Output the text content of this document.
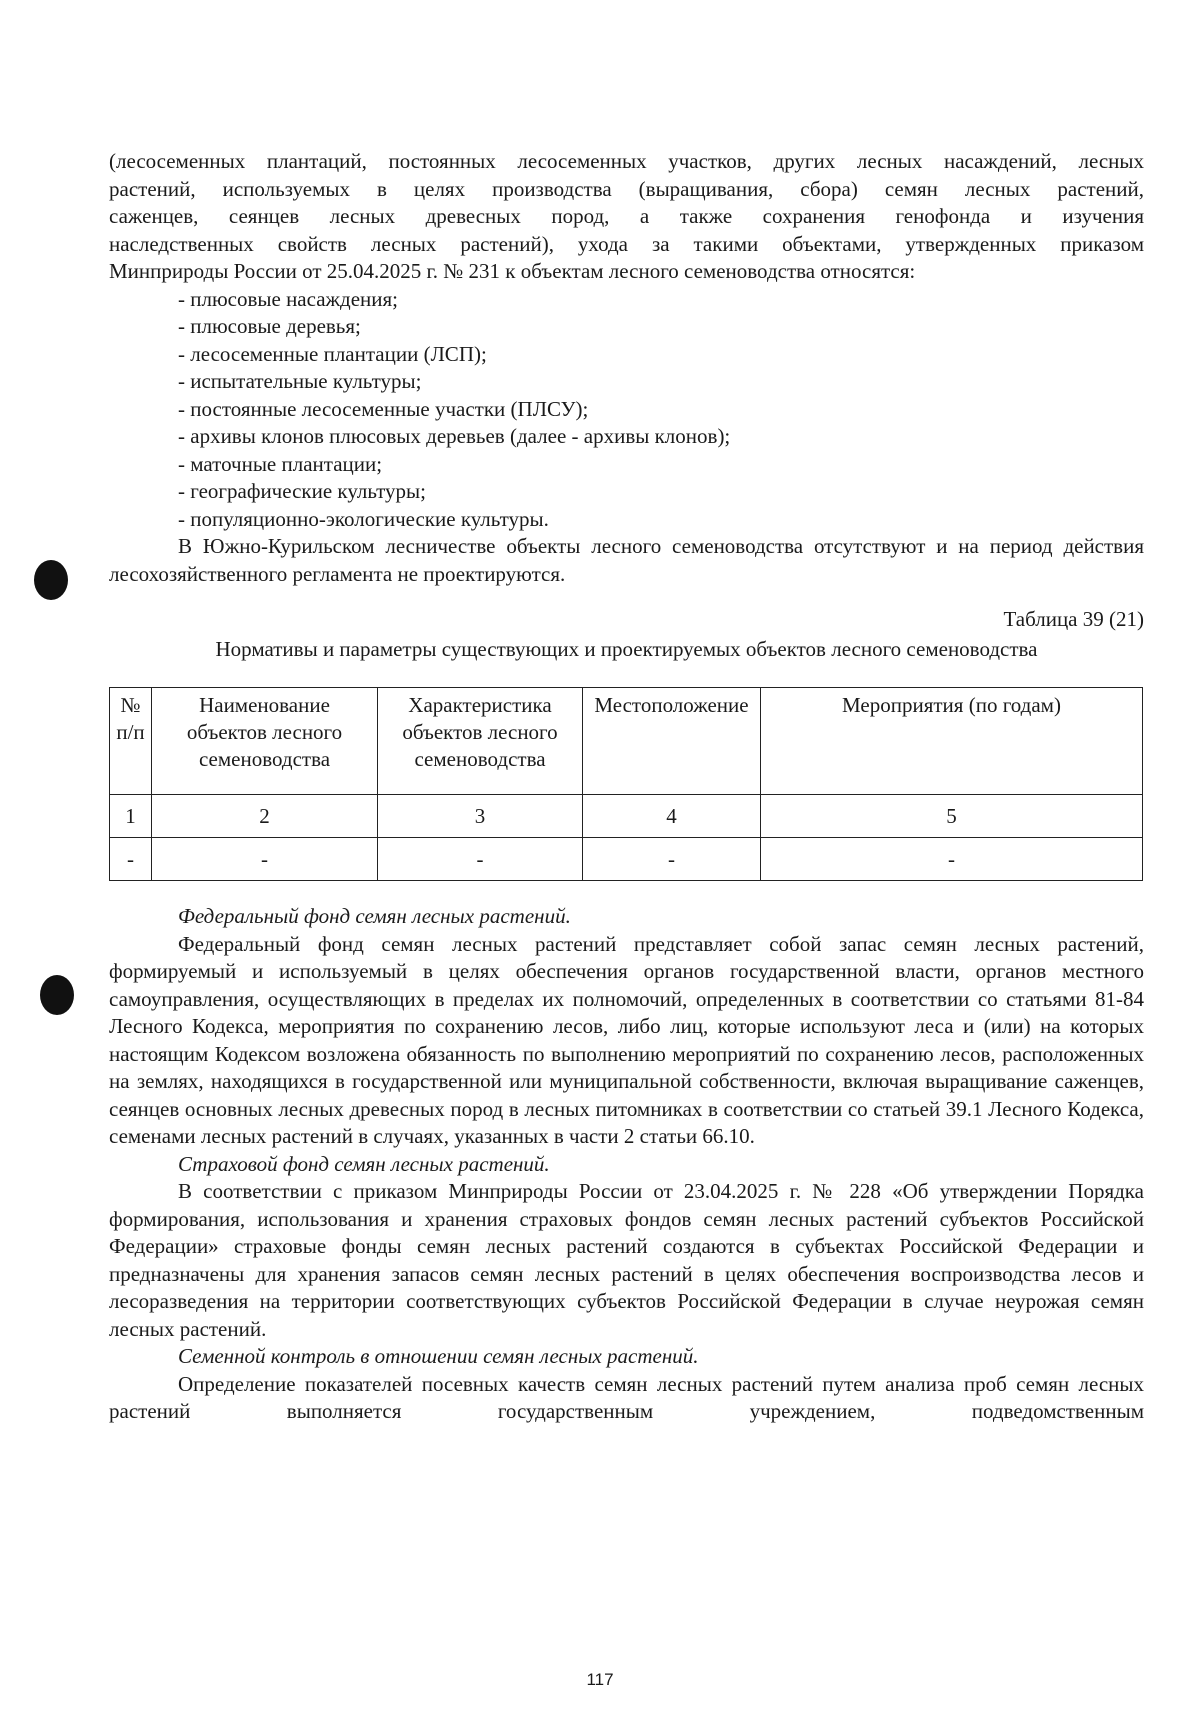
(лесосеменных плантаций, постоянных лесосеменных участков, других лесных насаждений, лесных

растений, используемых в целях производства (выращивания, сбора) семян лесных растений,

саженцев, сеянцев лесных древесных пород, а также сохранения генофонда и изучения

наследственных свойств лесных растений), ухода за такими объектами, утвержденных приказом

Минприроды России от 25.04.2025 г. № 231 к объектам лесного семеноводства относятся:

- плюсовые насаждения;
- плюсовые деревья;
- лесосеменные плантации (ЛСП);
- испытательные культуры;
- постоянные лесосеменные участки (ПЛСУ);
- архивы клонов плюсовых деревьев (далее - архивы клонов);
- маточные плантации;
- географические культуры;
- популяционно-экологические культуры.

В Южно-Курильском лесничестве объекты лесного семеноводства отсутствуют и на период действия лесохозяйственного регламента не проектируются.

Таблица 39 (21)

Нормативы и параметры существующих и проектируемых объектов лесного семеноводства

№ п/п	Наименование объектов лесного семеноводства	Характеристика объектов лесного семеноводства	Местоположение	Мероприятия (по годам)
1	2	3	4	5
-	-	-	-	-

Федеральный фонд семян лесных растений.

Федеральный фонд семян лесных растений представляет собой запас семян лесных растений, формируемый и используемый в целях обеспечения органов государственной власти, органов местного самоуправления, осуществляющих в пределах их полномочий, определенных в соответствии со статьями 81-84 Лесного Кодекса, мероприятия по сохранению лесов, либо лиц, которые используют леса и (или) на которых настоящим Кодексом возложена обязанность по выполнению мероприятий по сохранению лесов, расположенных на землях, находящихся в государственной или муниципальной собственности, включая выращивание саженцев, сеянцев основных лесных древесных пород в лесных питомниках в соответствии со статьей 39.1 Лесного Кодекса, семенами лесных растений в случаях, указанных в части 2 статьи 66.10.

Страховой фонд семян лесных растений.

В соответствии с приказом Минприроды России от 23.04.2025 г. № 228 «Об утверждении Порядка формирования, использования и хранения страховых фондов семян лесных растений субъектов Российской Федерации» страховые фонды семян лесных растений создаются в субъектах Российской Федерации и предназначены для хранения запасов семян лесных растений в целях обеспечения воспроизводства лесов и лесоразведения на территории соответствующих субъектов Российской Федерации в случае неурожая семян лесных растений.

Семенной контроль в отношении семян лесных растений.

Определение показателей посевных качеств семян лесных растений путем анализа проб семян лесных растений выполняется государственным учреждением, подведомственным

117
